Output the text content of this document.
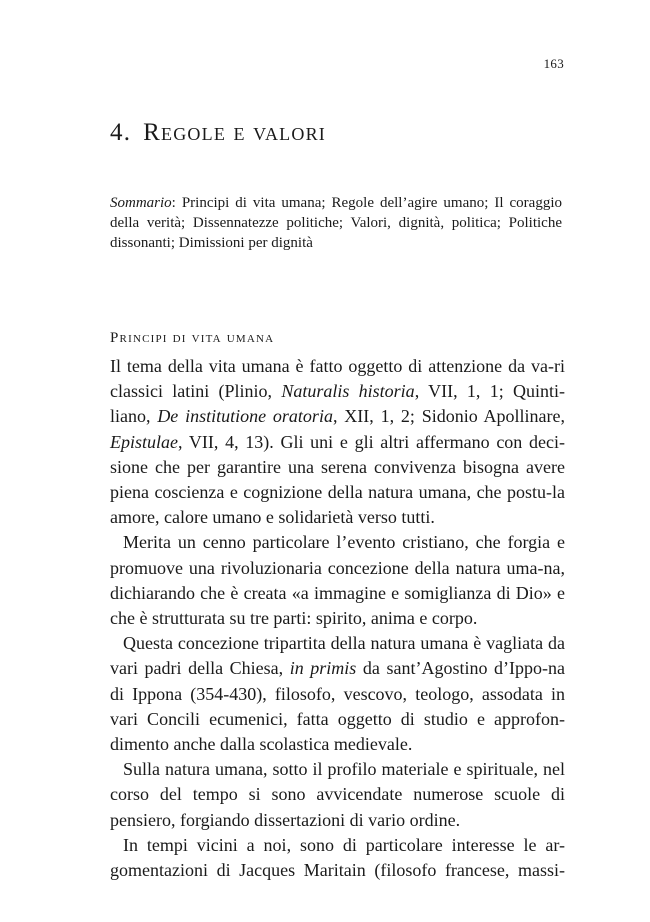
163
4. Regole e valori

Sommario: Principi di vita umana; Regole dell’agire umano; Il coraggio della verità; Dissennatezze politiche; Valori, dignità, politica; Politiche dissonanti; Dimissioni per dignità

Principi di vita umana

Il tema della vita umana è fatto oggetto di attenzione da va-ri classici latini (Plinio, Naturalis historia, VII, 1, 1; Quinti-liano, De institutione oratoria, XII, 1, 2; Sidonio Apollinare, Epistulae, VII, 4, 13). Gli uni e gli altri affermano con deci-sione che per garantire una serena convivenza bisogna avere piena coscienza e cognizione della natura umana, che postu-la amore, calore umano e solidarietà verso tutti.

Merita un cenno particolare l’evento cristiano, che forgia e promuove una rivoluzionaria concezione della natura uma-na, dichiarando che è creata «a immagine e somiglianza di Dio» e che è strutturata su tre parti: spirito, anima e corpo.

Questa concezione tripartita della natura umana è vagliata da vari padri della Chiesa, in primis da sant’Agostino d’Ippo-na di Ippona (354-430), filosofo, vescovo, teologo, assodata in vari Concili ecumenici, fatta oggetto di studio e approfon-dimento anche dalla scolastica medievale.

Sulla natura umana, sotto il profilo materiale e spirituale, nel corso del tempo si sono avvicendate numerose scuole di pensiero, forgiando dissertazioni di vario ordine.

In tempi vicini a noi, sono di particolare interesse le ar-gomentazioni di Jacques Maritain (filosofo francese, massi-
